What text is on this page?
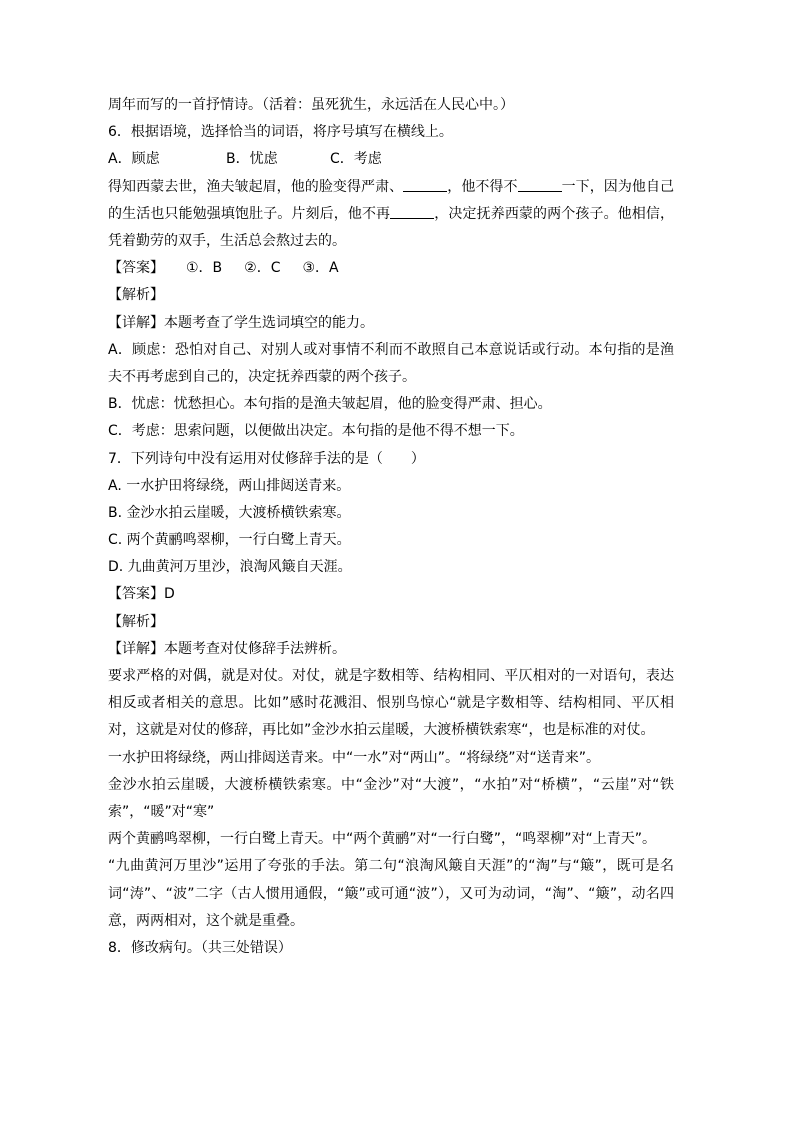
周年而写的一首抒情诗。（活着：虽死犹生，永远活在人民心中。）
6．根据语境，选择恰当的词语，将序号填写在横线上。
A．顾虑	B．忧虑	C．考虑
得知西蒙去世，渔夫皱起眉，他的脸变得严肃、	，他不得不	一下，因为他自己的生活也只能勉强填饱肚子。片刻后，他不再	，决定抚养西蒙的两个孩子。他相信，凭着勤劳的双手，生活总会熬过去的。
【答案】 ①．B ②．C ③．A
【解析】
【详解】本题考查了学生选词填空的能力。
A．顾虑：恐怕对自己、对别人或对事情不利而不敢照自己本意说话或行动。本句指的是渔夫不再考虑到自己的，决定抚养西蒙的两个孩子。
B．忧虑：忧愁担心。本句指的是渔夫皱起眉，他的脸变得严肃、担心。
C．考虑：思索问题，以便做出决定。本句指的是他不得不想一下。
7．下列诗句中没有运用对仗修辞手法的是（　　）
A. 一水护田将绿绕，两山排闼送青来。
B. 金沙水拍云崖暖，大渡桥横铁索寒。
C. 两个黄鹂鸣翠柳，一行白鹭上青天。
D. 九曲黄河万里沙，浪淘风簸自天涯。
【答案】D
【解析】
【详解】本题考查对仗修辞手法辨析。
要求严格的对偶，就是对仗。对仗，就是字数相等、结构相同、平仄相对的一对语句，表达相反或者相关的意思。比如”感时花溅泪、恨别鸟惊心“就是字数相等、结构相同、平仄相对，这就是对仗的修辞，再比如”金沙水拍云崖暖，大渡桥横铁索寒“，也是标准的对仗。
一水护田将绿绕，两山排闼送青来。中“一水”对“两山”。“将绿绕”对“送青来”。
金沙水拍云崖暖，大渡桥横铁索寒。中“金沙”对“大渡”，“水拍”对“桥横”，“云崖”对“铁索”，“暖”对“寒”
两个黄鹂鸣翠柳，一行白鹭上青天。中“两个黄鹂”对“一行白鹭”，“鸣翠柳”对“上青天”。
“九曲黄河万里沙”运用了夸张的手法。第二句“浪淘风簸自天涯”的“淘”与“簸”，既可是名词“涛”、“波”二字（古人惯用通假，“簸”或可通“波”），又可为动词，“淘”、“簸”，动名四意，两两相对，这个就是重叠。
8．修改病句。（共三处错误）
